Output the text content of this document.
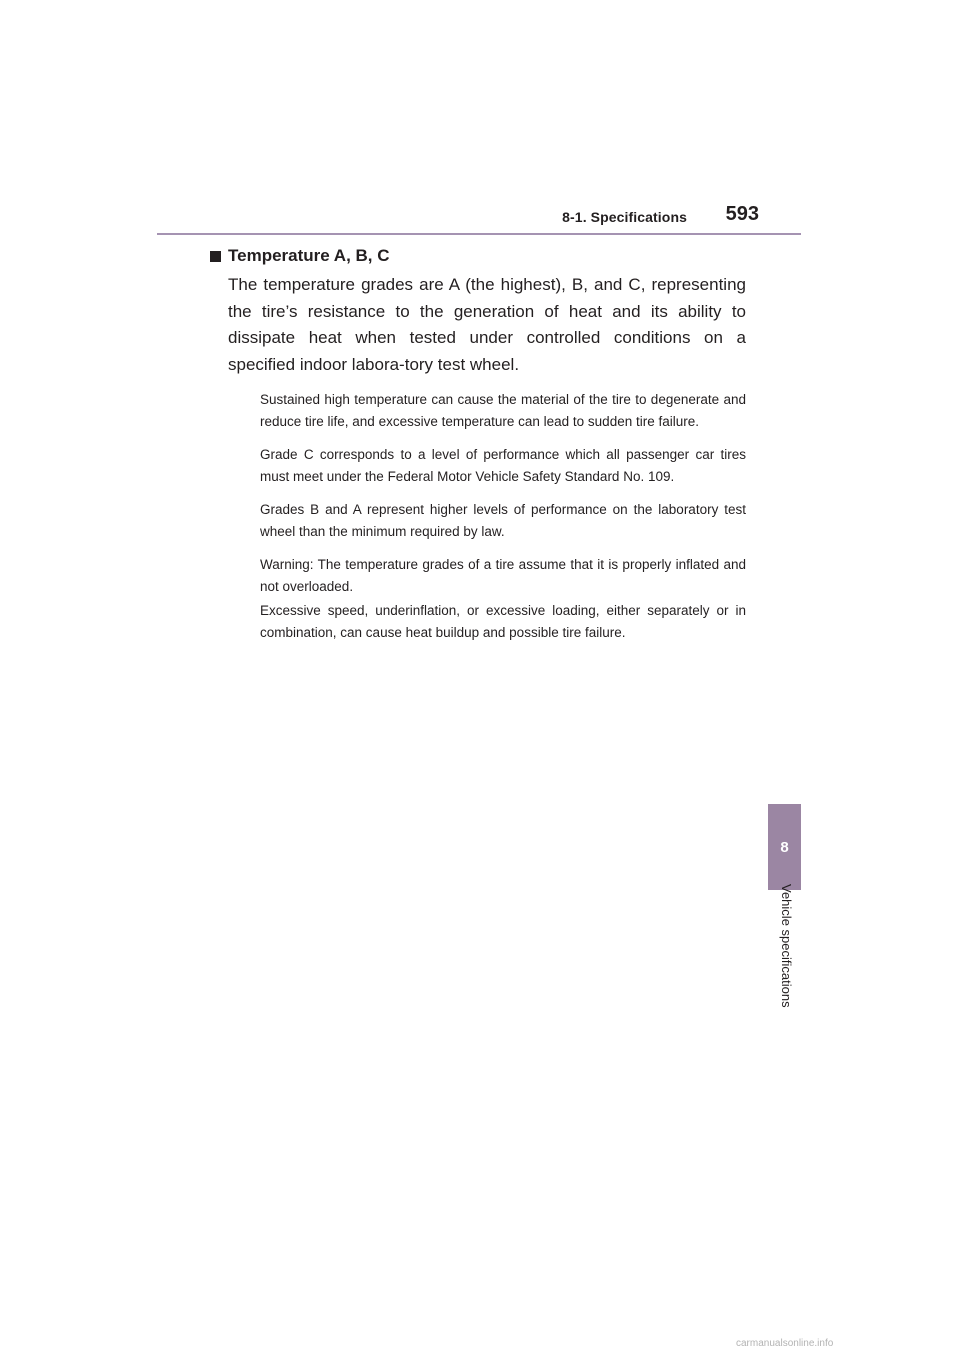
8-1. Specifications 593
Temperature A, B, C

The temperature grades are A (the highest), B, and C, representing the tire’s resistance to the generation of heat and its ability to dissipate heat when tested under controlled conditions on a specified indoor labora-tory test wheel.

Sustained high temperature can cause the material of the tire to degenerate and reduce tire life, and excessive temperature can lead to sudden tire failure.

Grade C corresponds to a level of performance which all passenger car tires must meet under the Federal Motor Vehicle Safety Standard No. 109.

Grades B and A represent higher levels of performance on the laboratory test wheel than the minimum required by law.

Warning: The temperature grades of a tire assume that it is properly inflated and not overloaded.

Excessive speed, underinflation, or excessive loading, either separately or in combination, can cause heat buildup and possible tire failure.

8
Vehicle specifications
carmanualsonline.info
